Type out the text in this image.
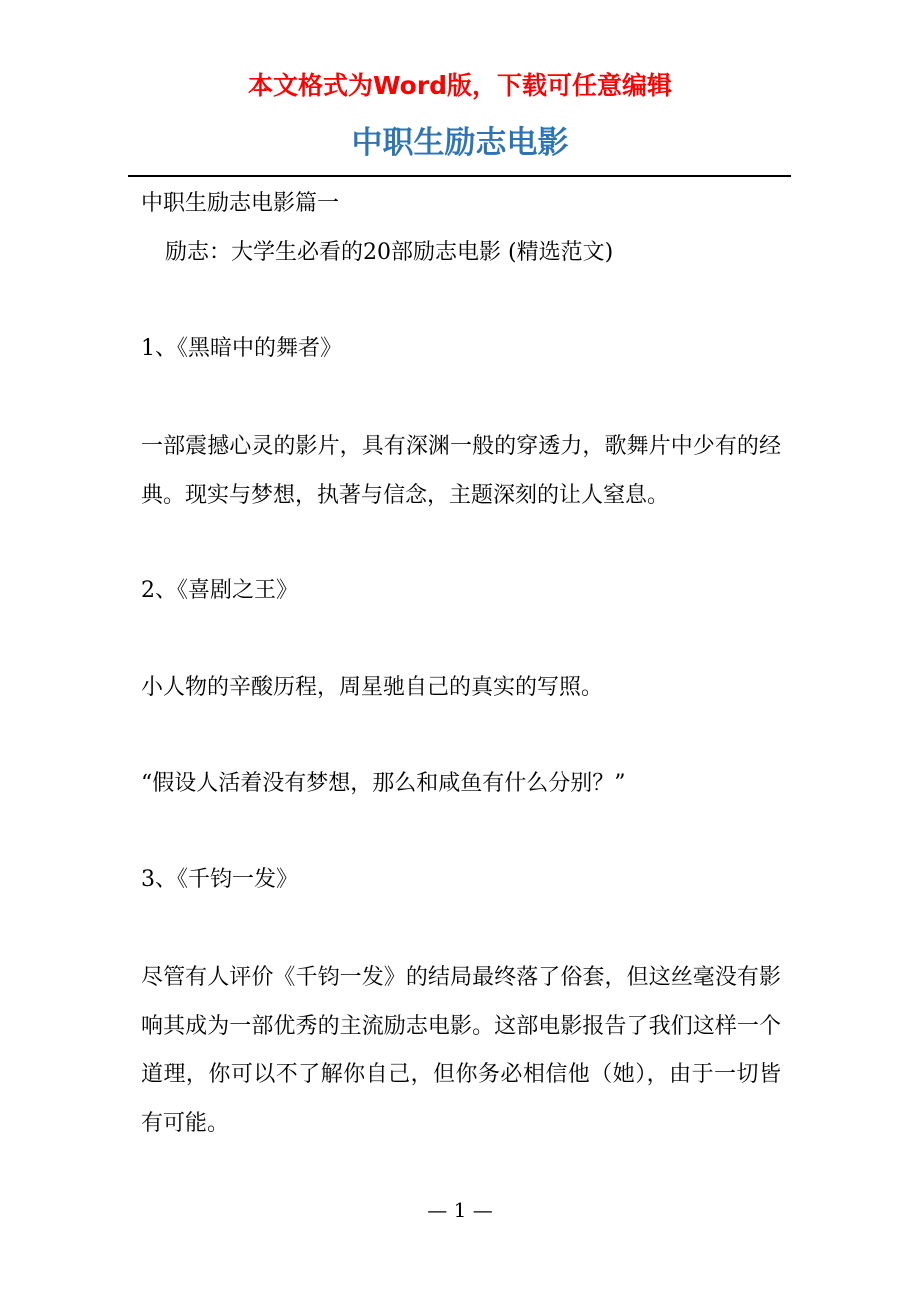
本文格式为Word版，下载可任意编辑
中职生励志电影
中职生励志电影篇一
励志：大学生必看的20部励志电影 (精选范文)
1、《黑暗中的舞者》
一部震撼心灵的影片，具有深渊一般的穿透力，歌舞片中少有的经典。现实与梦想，执著与信念，主题深刻的让人窒息。
2、《喜剧之王》
小人物的辛酸历程，周星驰自己的真实的写照。
“假设人活着没有梦想，那么和咸鱼有什么分别？”
3、《千钧一发》
尽管有人评价《千钧一发》的结局最终落了俗套，但这丝毫没有影响其成为一部优秀的主流励志电影。这部电影报告了我们这样一个道理，你可以不了解你自己，但你务必相信他（她），由于一切皆有可能。
— 1 —
